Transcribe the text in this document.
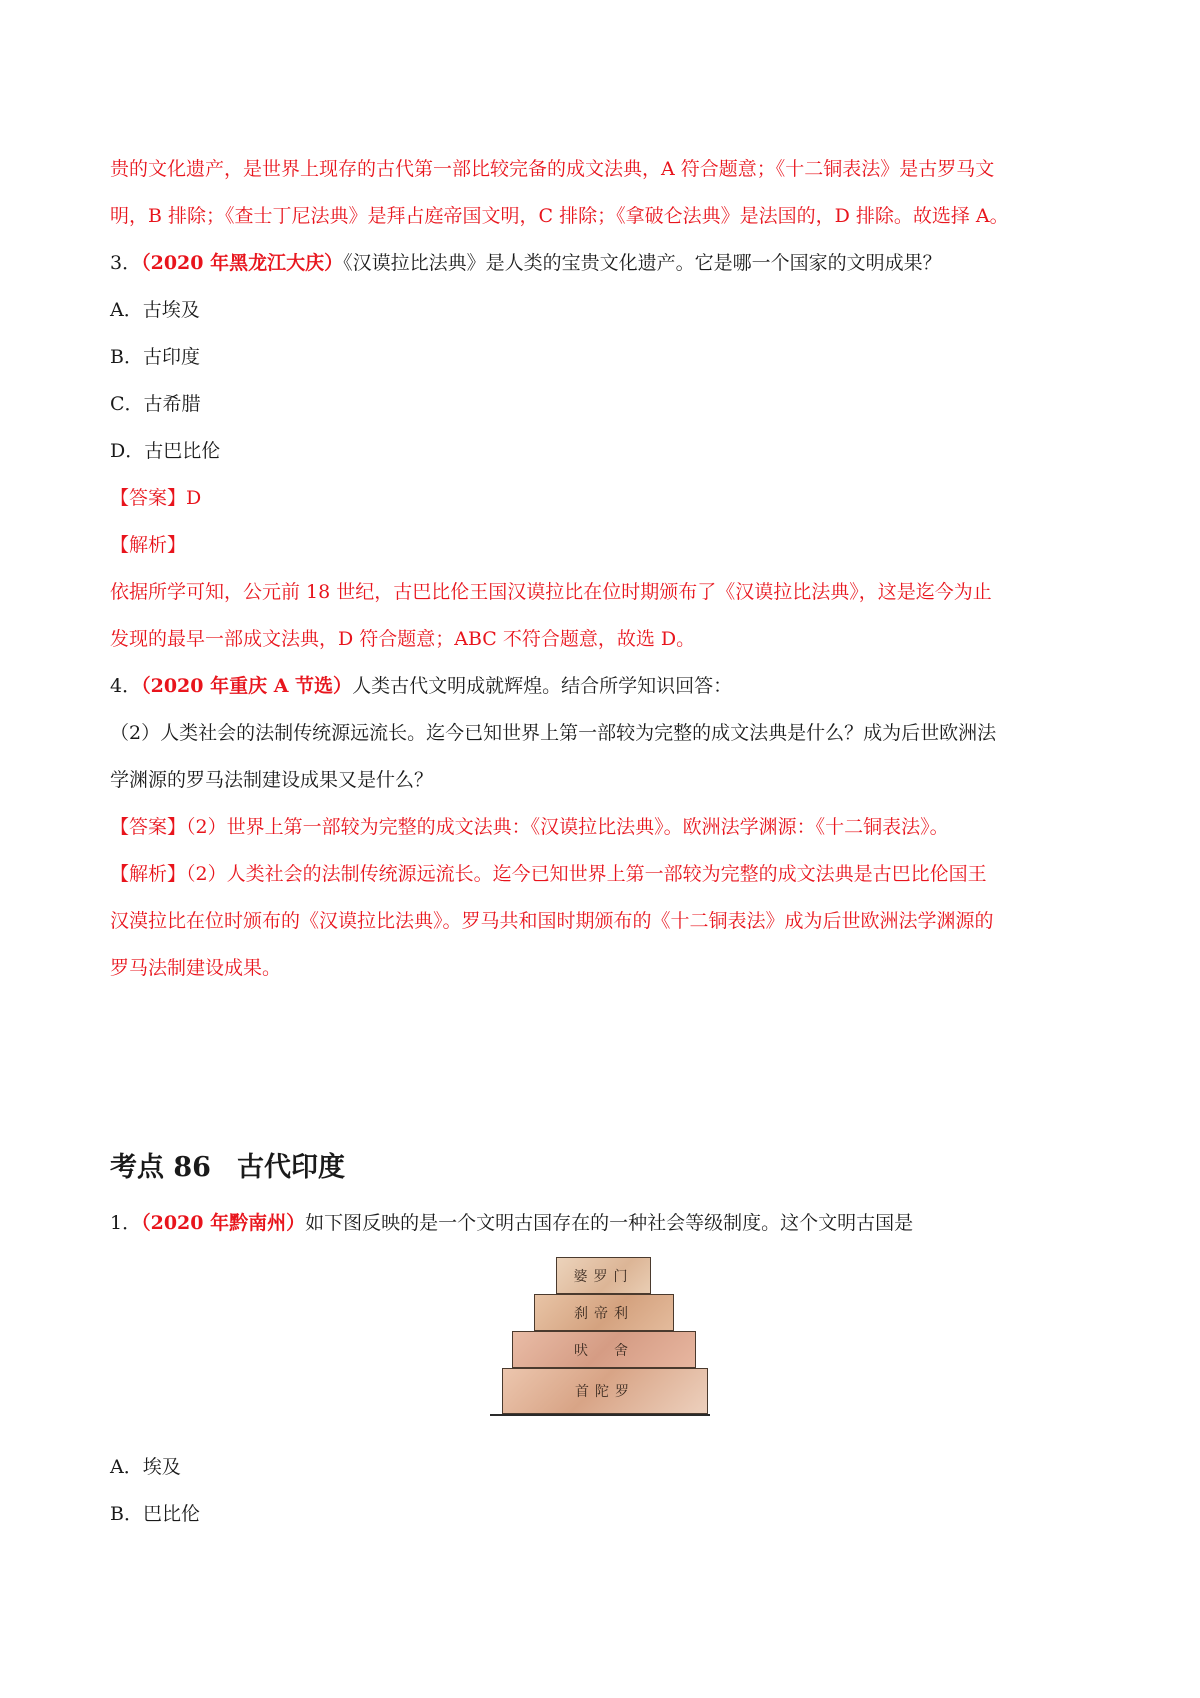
贵的文化遗产，是世界上现存的古代第一部比较完备的成文法典，A 符合题意；《十二铜表法》是古罗马文
明，B 排除；《查士丁尼法典》是拜占庭帝国文明，C 排除；《拿破仑法典》是法国的，D 排除。故选择 A。
3．（2020 年黑龙江大庆）《汉谟拉比法典》是人类的宝贵文化遗产。它是哪一个国家的文明成果？
A．古埃及
B．古印度
C．古希腊
D．古巴比伦
【答案】D
【解析】
依据所学可知，公元前 18 世纪，古巴比伦王国汉谟拉比在位时期颁布了《汉谟拉比法典》，这是迄今为止
发现的最早一部成文法典，D 符合题意；ABC 不符合题意，故选 D。
4．（2020 年重庆 A 节选）人类古代文明成就辉煌。结合所学知识回答：
（2）人类社会的法制传统源远流长。迄今已知世界上第一部较为完整的成文法典是什么？成为后世欧洲法
学渊源的罗马法制建设成果又是什么？
【答案】（2）世界上第一部较为完整的成文法典：《汉谟拉比法典》。欧洲法学渊源：《十二铜表法》。
【解析】（2）人类社会的法制传统源远流长。迄今已知世界上第一部较为完整的成文法典是古巴比伦国王
汉漠拉比在位时颁布的《汉谟拉比法典》。罗马共和国时期颁布的《十二铜表法》成为后世欧洲法学渊源的
罗马法制建设成果。
考点 86 古代印度
1．（2020 年黔南州）如下图反映的是一个文明古国存在的一种社会等级制度。这个文明古国是
婆罗门
刹帝利
吠　舍
首陀罗
A．埃及
B．巴比伦
